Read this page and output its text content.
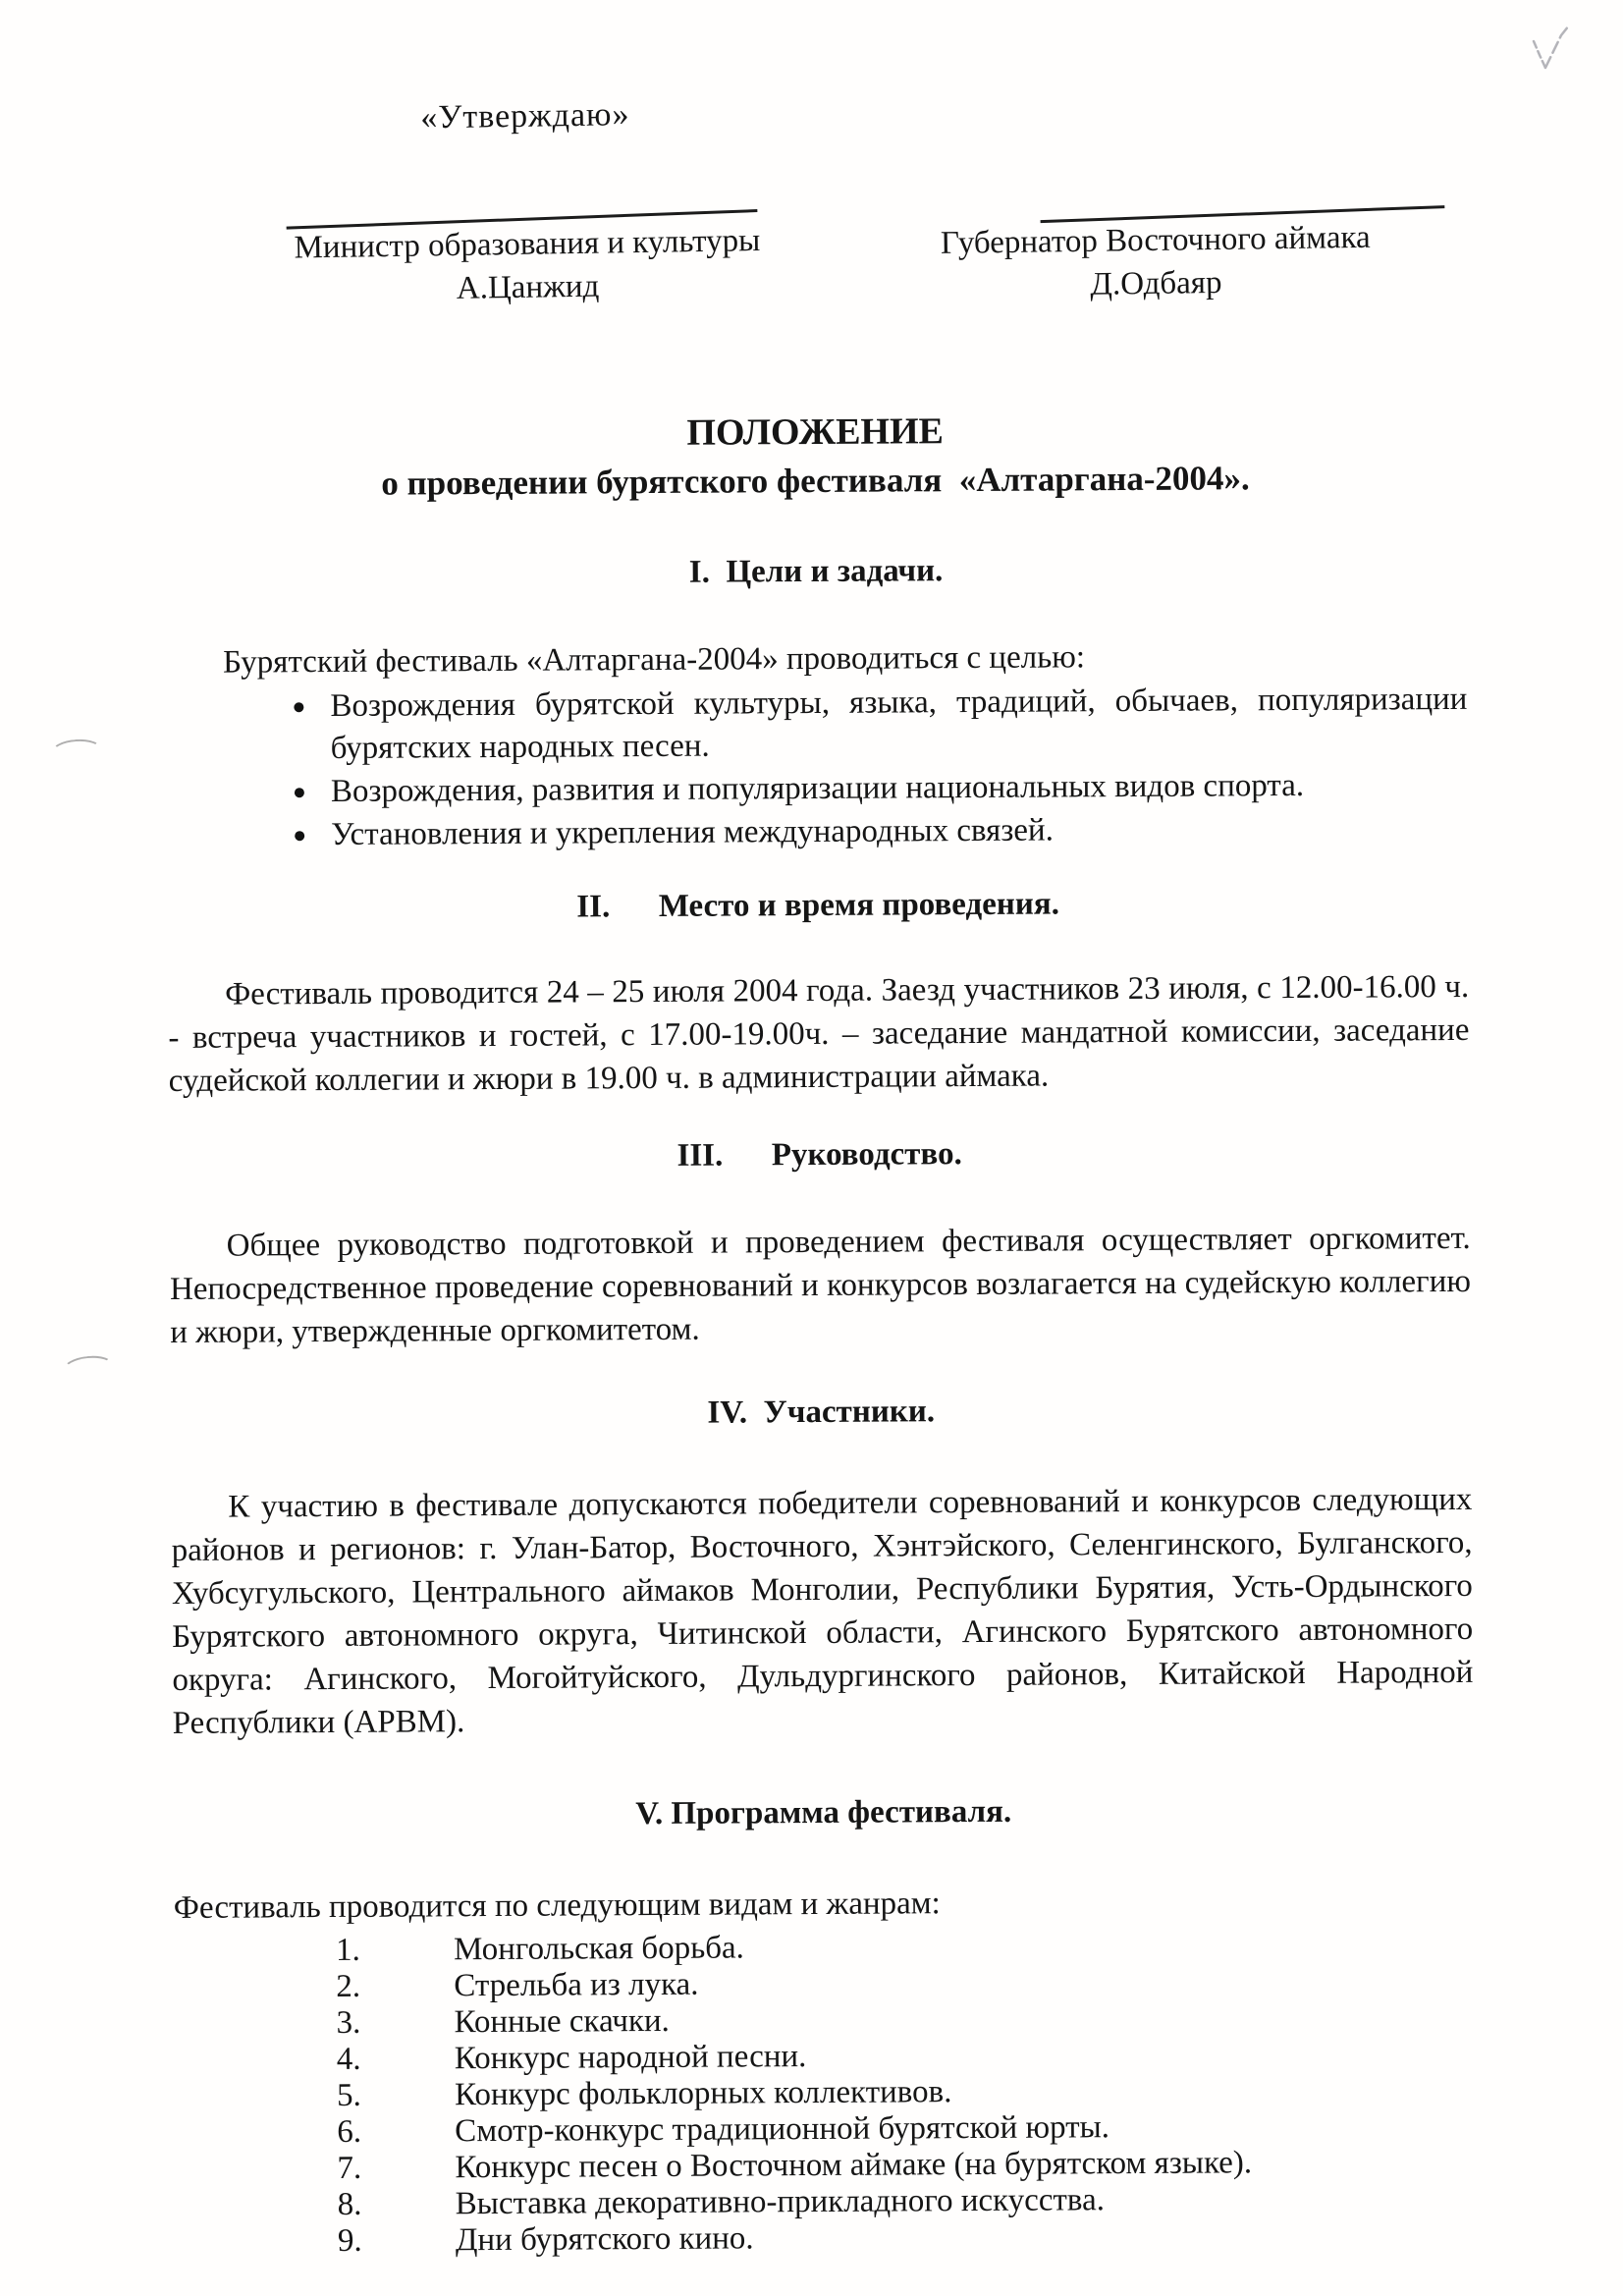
«Утверждаю»
Министр образования и культуры
А.Цанжид
Губернатор Восточного аймака
Д.Одбаяр
ПОЛОЖЕНИЕ
о проведении бурятского фестиваля  «Алтаргана-2004».
I.  Цели и задачи.

Бурятский фестиваль «Алтаргана-2004» проводиться с целью:

Возрождения бурятской культуры, языка, традиций, обычаев, популяризации бурятских народных песен.
Возрождения, развития и популяризации национальных видов спорта.
Установления и укрепления международных связей.
II.      Место и время проведения.

Фестиваль проводится 24 – 25 июля 2004 года. Заезд участников 23 июля, с 12.00-16.00 ч. - встреча участников и гостей, с 17.00-19.00ч. – заседание мандатной комиссии, заседание судейской коллегии и жюри в 19.00 ч. в администрации аймака.

III.      Руководство.

Общее руководство подготовкой и проведением фестиваля осуществляет оргкомитет. Непосредственное проведение соревнований и конкурсов возлагается на судейскую коллегию и жюри, утвержденные оргкомитетом.

IV.  Участники.

К участию в фестивале допускаются победители соревнований и конкурсов следующих районов и регионов: г. Улан-Батор, Восточного, Хэнтэйского, Селенгинского, Булганского, Хубсугульского, Центрального аймаков Монголии, Республики Бурятия, Усть-Ордынского Бурятского автономного округа, Читинской области, Агинского Бурятского автономного округа: Агинского, Могойтуйского, Дульдургинского районов, Китайской Народной Республики (АРВМ).

V. Программа фестиваля.

Фестиваль проводится по следующим видам и жанрам:

1.	Монгольская борьба.
2.	Стрельба из лука.
3.	Конные скачки.
4.	Конкурс народной песни.
5.	Конкурс фольклорных коллективов.
6.	Смотр-конкурс традиционной бурятской юрты.
7.	Конкурс песен о Восточном аймаке (на бурятском языке).
8.	Выставка декоративно-прикладного искусства.
9.	Дни бурятского кино.
